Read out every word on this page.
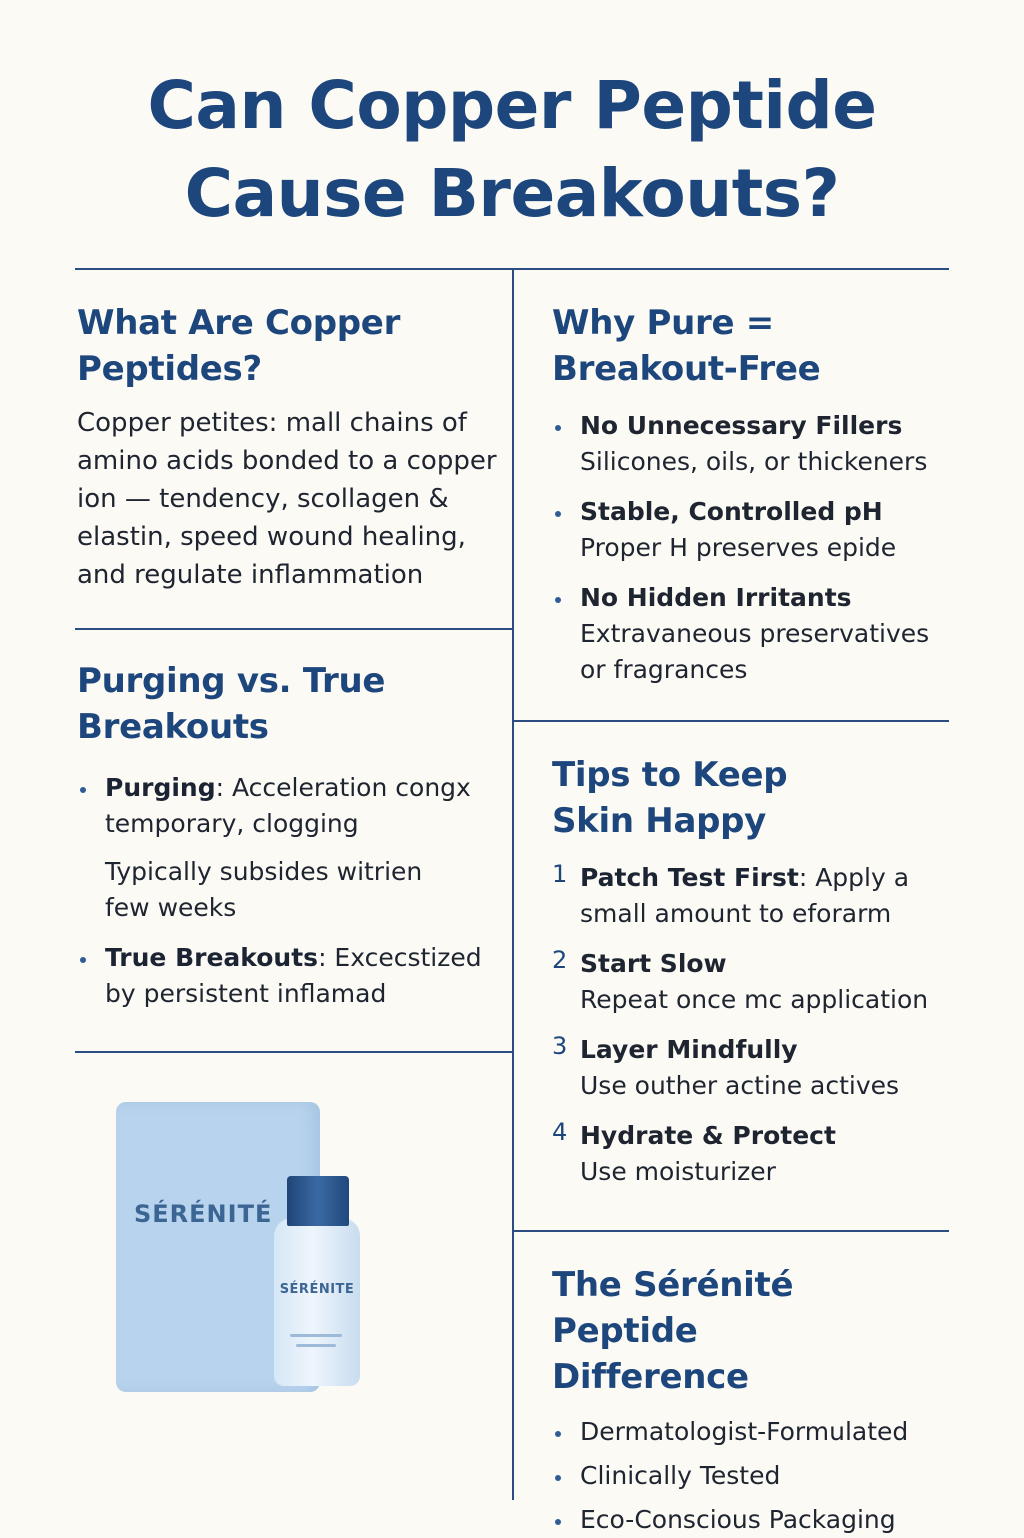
Can Copper Peptide
Cause Breakouts?
What Are Copper
Peptides?
Copper petites: mall chains of
amino acids bonded to a copper
ion — tendency, scollagen &
elastin, speed wound healing,
and regulate inflammation
Purging vs. True
Breakouts
Purging: Acceleration congx
temporary, clogging
Typically subsides witrien
few weeks
True Breakouts: Excecstized
by persistent inflamad
SÉRÉNITÉ
SÉRÉNITE
Why Pure =
Breakout-Free
No Unnecessary Fillers
Silicones, oils, or thickeners
Stable, Controlled pH
Proper H preserves epide
No Hidden Irritants
Extravaneous preservatives
or fragrances
Tips to Keep
Skin Happy
1 Patch Test First: Apply a
small amount to eforarm
2 Start Slow
Repeat once mc application
3 Layer Mindfully
Use outher actine actives
4 Hydrate & Protect
Use moisturizer
The Sérénité Peptide
Difference
Dermatologist-Formulated
Clinically Tested
Eco-Conscious Packaging
